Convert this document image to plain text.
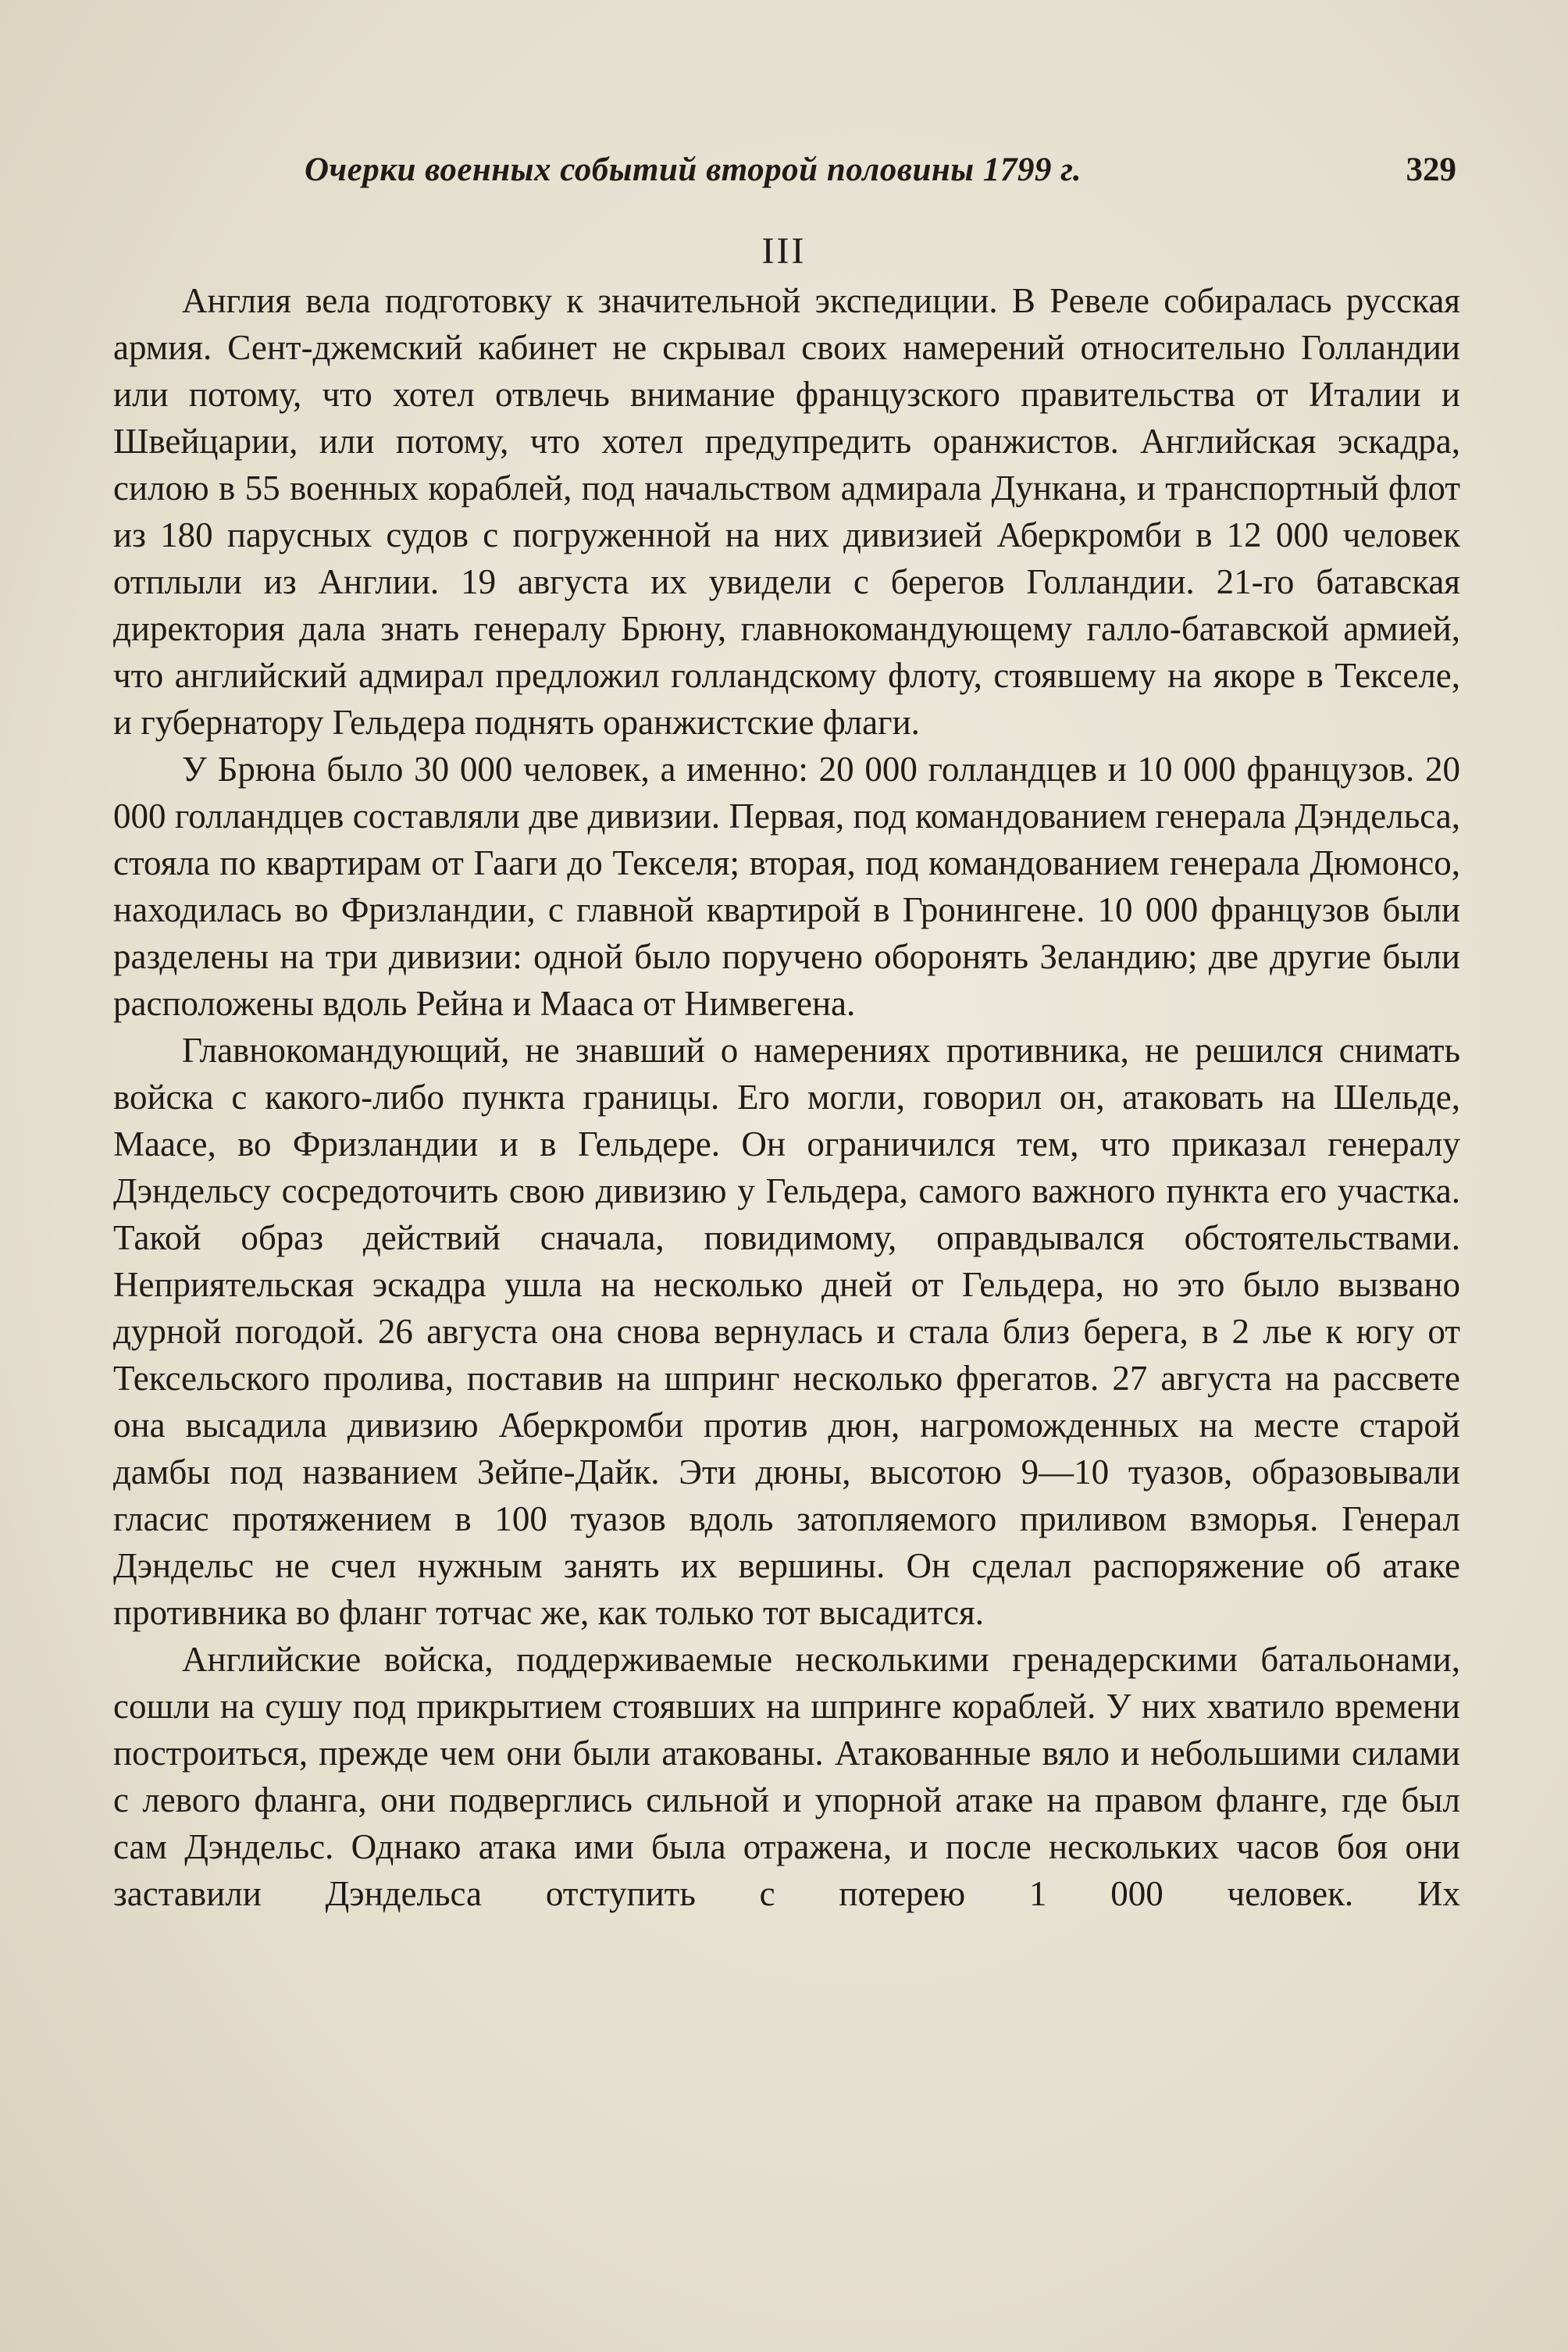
Очерки военных событий второй половины 1799 г.	329
III

Англия вела подготовку к значительной экспедиции. В Ревеле собиралась русская армия. Сент-джемский кабинет не скрывал своих намерений относительно Голландии или потому, что хотел отвлечь внимание французского правительства от Италии и Швейцарии, или потому, что хотел предупредить оранжистов. Английская эскадра, силою в 55 военных кораблей, под начальством адмирала Дункана, и транспортный флот из 180 парусных судов с погруженной на них дивизией Аберкромби в 12 000 человек отплыли из Англии. 19 августа их увидели с берегов Голландии. 21-го батавская директория дала знать генералу Брюну, главнокомандующему галло-батавской армией, что английский адмирал предложил голландскому флоту, стоявшему на якоре в Текселе, и губернатору Гельдера поднять оранжистские флаги.

У Брюна было 30 000 человек, а именно: 20 000 голландцев и 10 000 французов. 20 000 голландцев составляли две дивизии. Первая, под командованием генерала Дэндельса, стояла по квартирам от Гааги до Текселя; вторая, под командованием генерала Дюмонсо, находилась во Фризландии, с главной квартирой в Гронингене. 10 000 французов были разделены на три дивизии: одной было поручено оборонять Зеландию; две другие были расположены вдоль Рейна и Мааса от Нимвегена.

Главнокомандующий, не знавший о намерениях противника, не решился снимать войска с какого-либо пункта границы. Его могли, говорил он, атаковать на Шельде, Маасе, во Фризландии и в Гельдере. Он ограничился тем, что приказал генералу Дэндельсу сосредоточить свою дивизию у Гельдера, самого важного пункта его участка. Такой образ действий сначала, повидимому, оправдывался обстоятельствами. Неприятельская эскадра ушла на несколько дней от Гельдера, но это было вызвано дурной погодой. 26 августа она снова вернулась и стала близ берега, в 2 лье к югу от Тексельского пролива, поставив на шпринг несколько фрегатов. 27 августа на рассвете она высадила дивизию Аберкромби против дюн, нагроможденных на месте старой дамбы под названием Зейпе-Дайк. Эти дюны, высотою 9—10 туазов, образовывали гласис протяжением в 100 туазов вдоль затопляемого приливом взморья. Генерал Дэндельс не счел нужным занять их вершины. Он сделал распоряжение об атаке противника во фланг тотчас же, как только тот высадится.

Английские войска, поддерживаемые несколькими гренадерскими батальонами, сошли на сушу под прикрытием стоявших на шпринге кораблей. У них хватило времени построиться, прежде чем они были атакованы. Атакованные вяло и небольшими силами с левого фланга, они подверглись сильной и упорной атаке на правом фланге, где был сам Дэндельс. Однако атака ими была отражена, и после нескольких часов боя они заставили Дэндельса отступить с потерею 1 000 человек. Их
